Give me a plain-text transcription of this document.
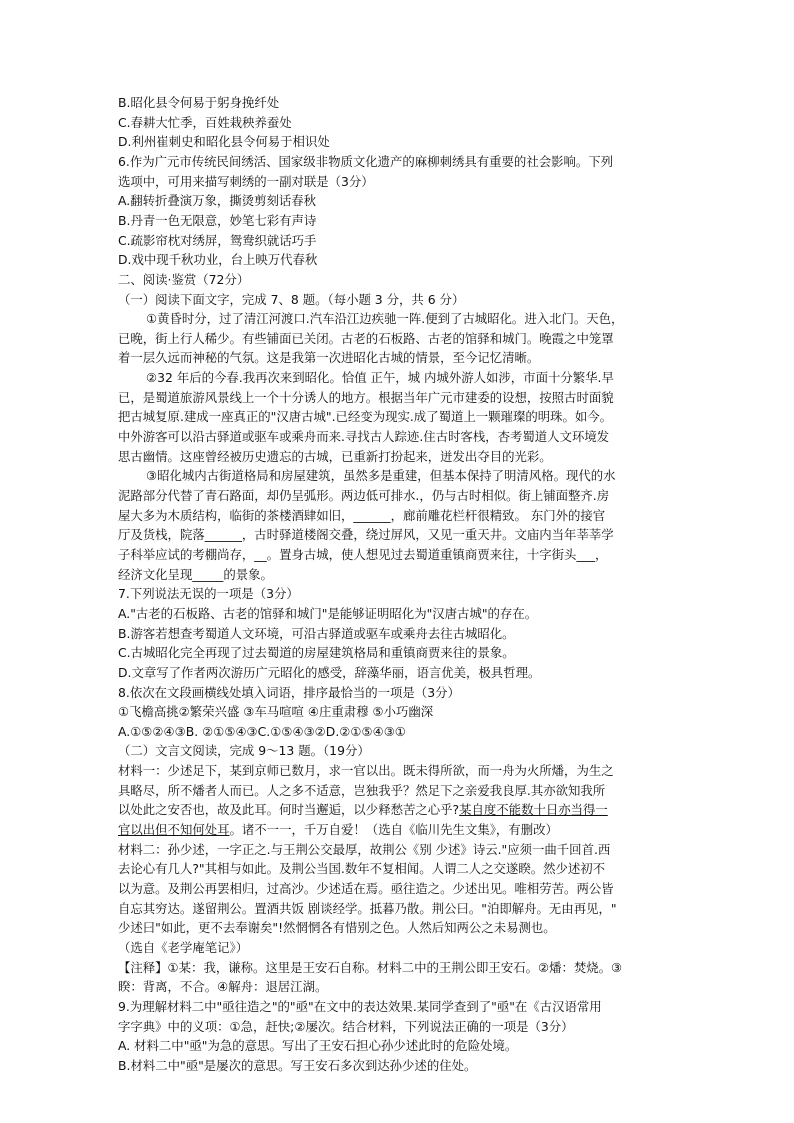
B.昭化县令何易于躬身挽纤处
C.春耕大忙季，百姓栽秧养蚕处
D.利州崔刺史和昭化县令何易于相识处
6.作为广元市传统民间绣活、国家级非物质文化遗产的麻柳刺绣具有重要的社会影响。下列
选项中，可用来描写刺绣的一副对联是（3分）
A.翻转折叠演万象，撕烫剪刻话春秋
B.丹青一色无限意，妙笔七彩有声诗
C.疏影帘枕对绣屏，鸳鸯织就话巧手
D.戏中现千秋功业，台上映万代春秋
二、阅读·鉴赏（72分）
（一）阅读下面文字，完成 7、8 题。（每小题 3 分，共 6 分）
①黄昏时分，过了清江河渡口.汽车沿江边疾驰一阵.便到了古城昭化。进入北门。天色，
已晚，街上行人稀少。有些铺面已关闭。古老的石板路、古老的馆驿和城门。晚霞之中笼罩
着一层久远而神秘的气氛。这是我第一次进昭化古城的情景，至今记忆清晰。
②32 年后的今春.我再次来到昭化。恰值 正午，城 内城外游人如涉，市面十分繁华.早
已，是蜀道旅游风景线上一个十分诱人的地方。根据当年广元市建委的设想，按照古时面貌
把古城复原.建成一座真正的"汉唐古城".已经变为现实.成了蜀道上一颗璀璨的明珠。如今。
中外游客可以沿古驿道或驱车或乘舟而来.寻找古人踪迹.住古时客栈，杏考蜀道人文环境发
思古幽情。这座曾经被历史遗忘的古城，已重新打扮起来，迸发出夺目的光彩。
③昭化城内古街道格局和房屋建筑，虽然多是重建，但基本保持了明清风格。现代的水
泥路部分代替了青石路面，却仍呈弧形。两边低可排水.，仍与古时相似。街上铺面整齐.房
屋大多为木质结构，临街的茶楼酒肆如旧，______，廊前雕花栏杆很精致。 东门外的接官
厅及货栈，院落______，古时驿道楼阁交叠，绕过屏风，又见一重天井。文庙内当年莘莘学
子科举应试的考棚尚存，__。置身古城，使人想见过去蜀道重镇商贾来往，十字街头___，
经济文化呈现_____的景象。
7.下列说法无误的一项是（3分）
A."古老的石板路、古老的馆驿和城门"是能够证明昭化为"汉唐古城"的存在。
B.游客若想查考蜀道人文环境，可沿古驿道或驱车或乘舟去往古城昭化。
C.古城昭化完全再现了过去蜀道的房屋建筑格局和重镇商贾来往的景象。
D.文章写了作者两次游历广元昭化的感受，辞藻华丽，语言优美，极具哲理。
8.依次在文段画横线处填入词语，排序最恰当的一项是（3分）
①飞檐高挑②繁荣兴盛 ③车马喧喧 ④庄重肃穆 ⑤小巧幽深
A.①⑤②④③B. ②①⑤④③C.①⑤④③②D.②①⑤④③①
（二）文言文阅读，完成 9～13 题。（19分）
材料一：少述足下，某到京师已数月，求一官以出。既未得所欲，而一舟为火所燔，为生之
具略尽，所不燔者人而已。人之多不适意，岂独我乎？然足下之亲爱我良厚.其亦欲知我所
以处此之安否也，故及此耳。何时当邂逅，以少释愁苦之心乎?某自度不能数十日亦当得一
官以出但不知何处耳。诸不一一，千万自爱！（选自《临川先生文集》，有删改）
材料二：孙少述，一字正之.与王荆公交最厚，故荆公《别 少述》诗云."应须一曲千回首.西
去论心有几人?"其相与如此。及荆公当国.数年不复相闻。人谓二人之交遂睽。然少述初不
以为意。及荆公再罢相归，过高沙。少述适在焉。亟往造之。少述出见。唯相劳苦。两公皆
自忘其穷达。遂留荆公。置酒共饭 剧谈经学。抵暮乃散。荆公曰。"泊即解舟。无由再见，"
少述曰"如此，更不去奉谢矣"!然惘惘各有惜别之色。人然后知两公之未易测也。
（选自《老学庵笔记》）
【注释】①某：我，谦称。这里是王安石自称。材料二中的王荆公即王安石。②燔：焚烧。③
睽：背离，不合。④解舟：退居江湖。
9.为理解材料二中"亟往造之"的"亟"在文中的表达效果.某同学查到了"亟"在《古汉语常用
字字典》中的义项：①急，赶快;②屡次。结合材料，下列说法正确的一项是（3分）
A. 材料二中"亟"为急的意思。写出了王安石担心孙少述此时的危险处境。
B.材料二中"亟"是屡次的意思。写王安石多次到达孙少述的住处。
